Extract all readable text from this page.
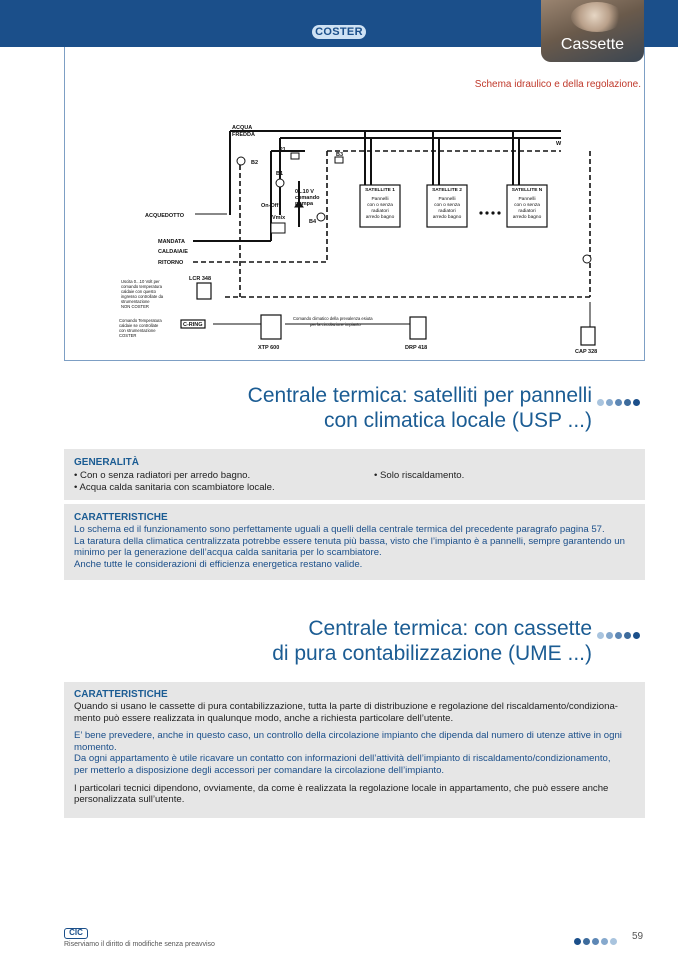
COSTER
Cassette
Schema idraulico e della regolazione.
ACQUA
FREDDA
ACQUEDOTTO
MANDATA
CALDAIA/E
RITORNO
B2
B1
B3
B4
P1
W
On-Off
Vmix
0...10 V
comando
pompa
LCR 348
C-RING
XTP 600	DRP 418
CAP 328
Uscita 0...10 Volt per
comando temperatura
caldaie con questo
ingresso controllate da
strumentazione
NON COSTER
Comando Temperatura
caldaie se controllate
con strumentazione
COSTER
Comando climatico della prevalenza esiuta
per la circolazione impianto
SATELLITE 1
Pannelli
con o senza
radiatori
arredo bagno
SATELLITE 2
Pannelli
con o senza
radiatori
arredo bagno
SATELLITE N
Pannelli
con o senza
radiatori
arredo bagno
Centrale termica: satelliti per pannelli
con climatica locale (USP ...)
GENERALITÀ
• Con o senza radiatori per arredo bagno.
• Acqua calda sanitaria con scambiatore locale.
• Solo riscaldamento.
CARATTERISTICHE
Lo schema ed il funzionamento sono perfettamente uguali a quelli della centrale termica del precedente paragrafo pagina 57.
La taratura della climatica centralizzata potrebbe essere tenuta più bassa, visto che l’impianto è a pannelli, sempre garantendo un
minimo per la generazione dell’acqua calda sanitaria per lo scambiatore.
Anche tutte le considerazioni di efficienza energetica restano valide.
Centrale termica: con cassette
di pura contabilizzazione (UME ...)
CARATTERISTICHE
Quando si usano le cassette di pura contabilizzazione, tutta la parte di distribuzione e regolazione del riscaldamento/condiziona-
mento può essere realizzata in qualunque modo, anche a richiesta particolare dell’utente.
E’ bene prevedere, anche in questo caso, un controllo della circolazione impianto che dipenda dal numero di utenze attive in ogni
momento.
Da ogni appartamento è utile ricavare un contatto con informazioni dell’attività dell’impianto di riscaldamento/condizionamento,
per metterlo a disposizione degli accessori per comandare la circolazione dell’impianto.
I particolari tecnici dipendono, ovviamente, da come è realizzata la regolazione locale in appartamento, che può essere anche
personalizzata sull’utente.
CIC
Riserviamo il diritto di modifiche senza preavviso
59
